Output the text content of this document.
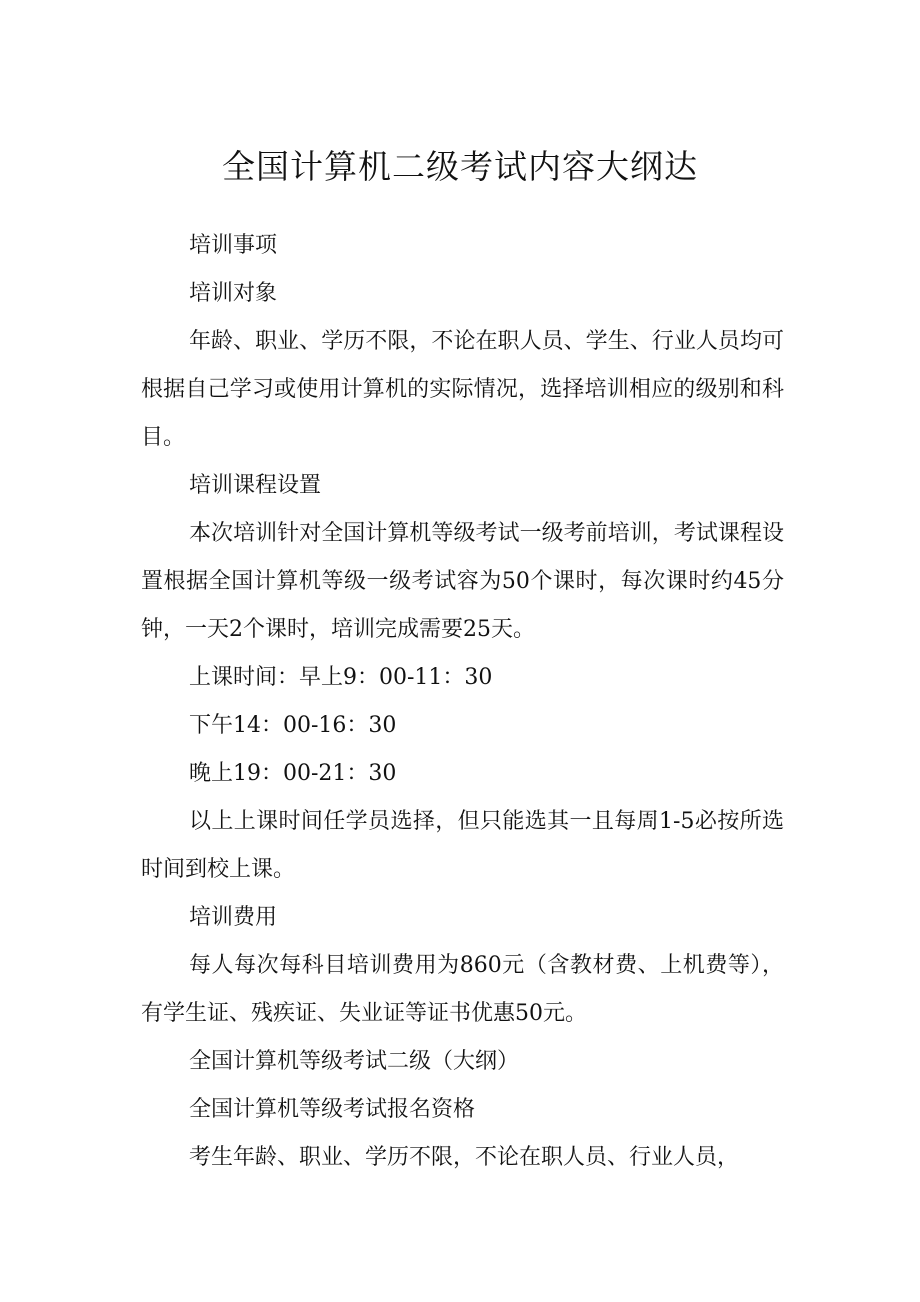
全国计算机二级考试内容大纲达

培训事项

培训对象

年龄、职业、学历不限，不论在职人员、学生、行业人员均可根据自己学习或使用计算机的实际情况，选择培训相应的级别和科目。

培训课程设置

本次培训针对全国计算机等级考试一级考前培训，考试课程设置根据全国计算机等级一级考试容为50个课时，每次课时约45分钟，一天2个课时，培训完成需要25天。

上课时间：早上9：00-11：30

下午14：00-16：30

晚上19：00-21：30

以上上课时间任学员选择，但只能选其一且每周1-5必按所选时间到校上课。

培训费用

每人每次每科目培训费用为860元（含教材费、上机费等），有学生证、残疾证、失业证等证书优惠50元。

全国计算机等级考试二级（大纲）

全国计算机等级考试报名资格

考生年龄、职业、学历不限，不论在职人员、行业人员，
